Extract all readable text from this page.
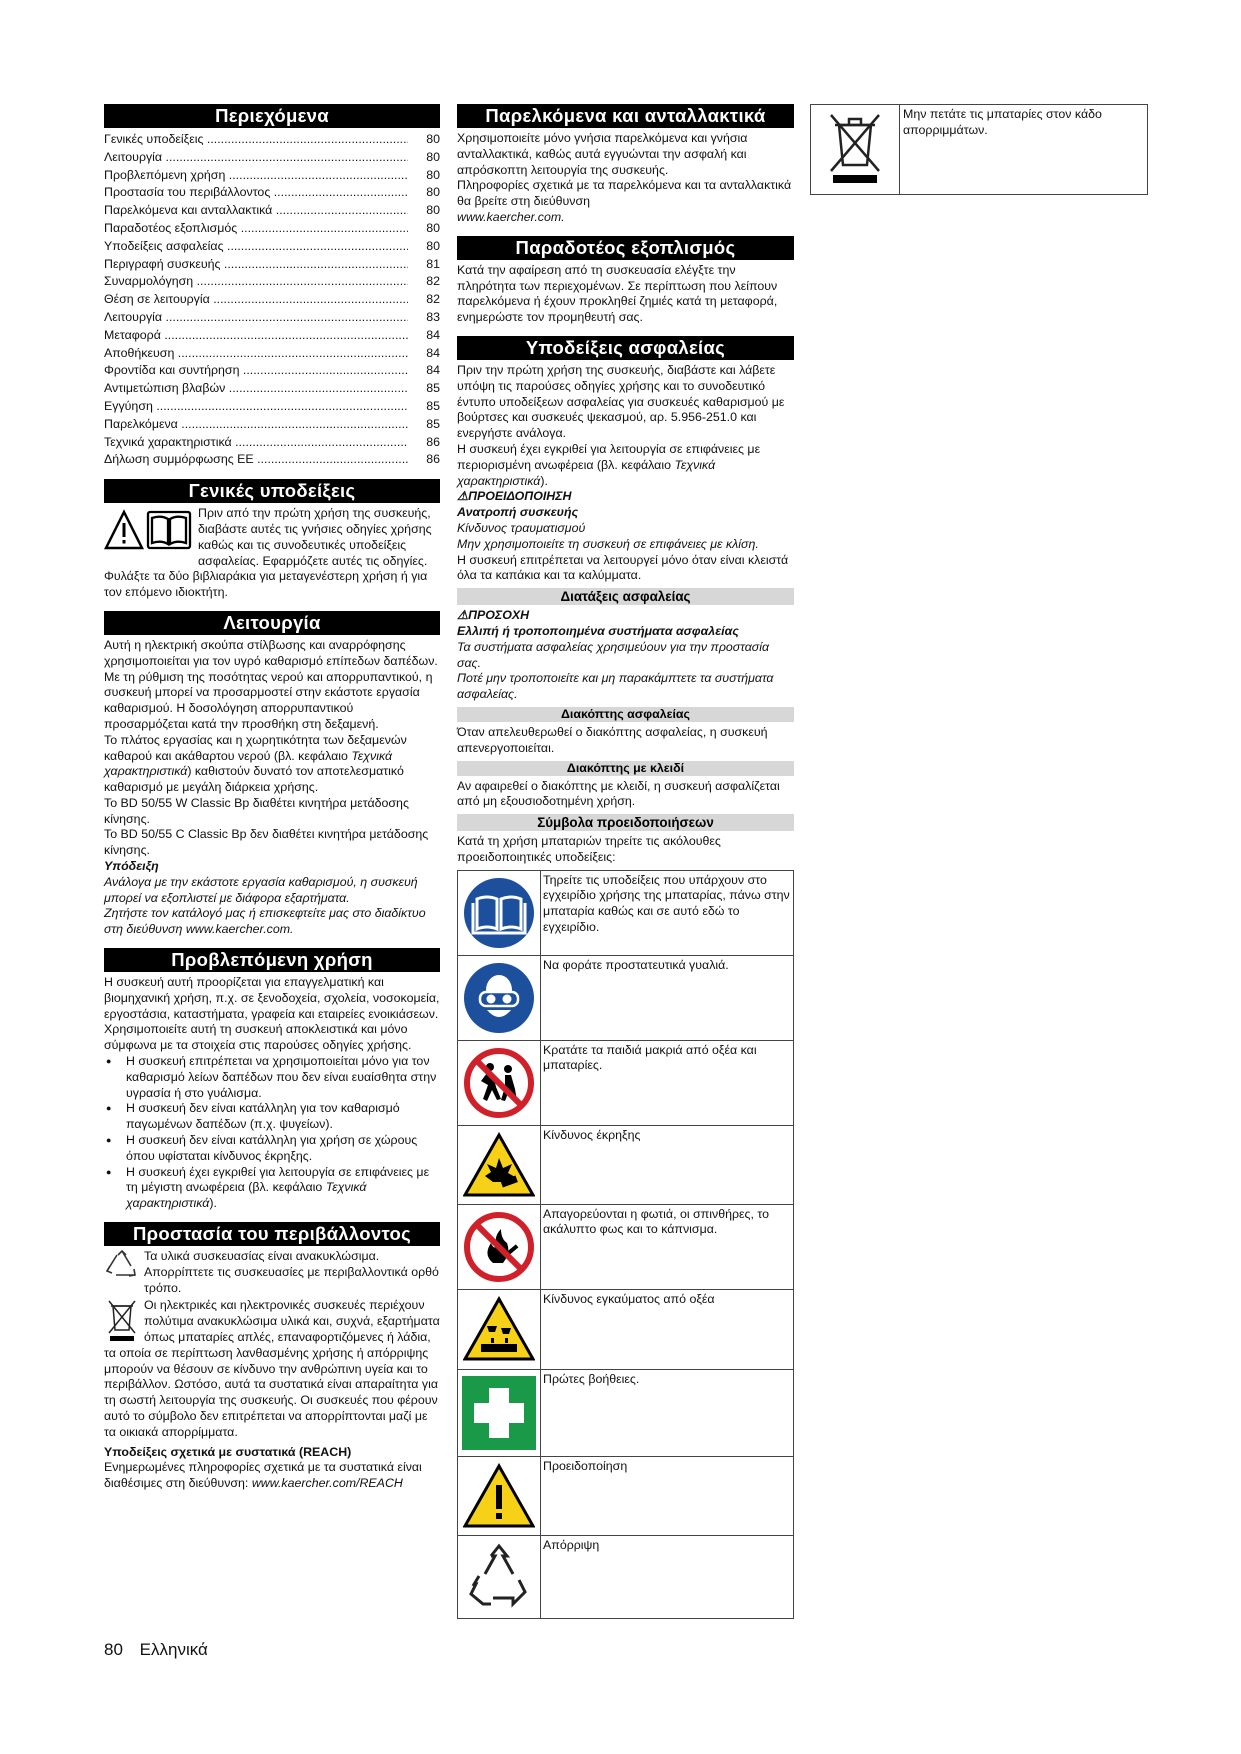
Περιεχόμενα
Γενικές υποδείξεις .....	80
Λειτουργία .....	80
Προβλεπόμενη χρήση .....	80
Προστασία του περιβάλλοντος .....	80
Παρελκόμενα και ανταλλακτικά .....	80
Παραδοτέος εξοπλισμός .....	80
Υποδείξεις ασφαλείας .....	80
Περιγραφή συσκευής .....	81
Συναρμολόγηση .....	82
Θέση σε λειτουργία .....	82
Λειτουργία .....	83
Μεταφορά .....	84
Αποθήκευση .....	84
Φροντίδα και συντήρηση .....	84
Αντιμετώπιση βλαβών .....	85
Εγγύηση .....	85
Παρελκόμενα .....	85
Τεχνικά χαρακτηριστικά .....	86
Δήλωση συμμόρφωσης ΕΕ .....	86
Γενικές υποδείξεις

Πριν από την πρώτη χρήση της συσκευής, διαβάστε αυτές τις γνήσιες οδηγίες χρήσης καθώς και τις συνοδευτικές υποδείξεις ασφαλείας. Εφαρμόζετε αυτές τις οδηγίες.

Φυλάξτε τα δύο βιβλιαράκια για μεταγενέστερη χρήση ή για τον επόμενο ιδιοκτήτη.

Λειτουργία

Αυτή η ηλεκτρική σκούπα στίλβωσης και αναρρόφησης χρησιμοποιείται για τον υγρό καθαρισμό επίπεδων δαπέδων.

Με τη ρύθμιση της ποσότητας νερού και απορρυπαντικού, η συσκευή μπορεί να προσαρμοστεί στην εκάστοτε εργασία καθαρισμού. Η δοσολόγηση απορρυπαντικού προσαρμόζεται κατά την προσθήκη στη δεξαμενή.

Το πλάτος εργασίας και η χωρητικότητα των δεξαμενών καθαρού και ακάθαρτου νερού (βλ. κεφάλαιο Τεχνικά χαρακτηριστικά) καθιστούν δυνατό τον αποτελεσματικό καθαρισμό με μεγάλη διάρκεια χρήσης.

Το BD 50/55 W Classic Bp διαθέτει κινητήρα μετάδοσης κίνησης.

Το BD 50/55 C Classic Bp δεν διαθέτει κινητήρα μετάδοσης κίνησης.

Υπόδειξη

Ανάλογα με την εκάστοτε εργασία καθαρισμού, η συσκευή μπορεί να εξοπλιστεί με διάφορα εξαρτήματα.

Ζητήστε τον κατάλογό μας ή επισκεφτείτε μας στο διαδίκτυο στη διεύθυνση www.kaercher.com.

Προβλεπόμενη χρήση

Η συσκευή αυτή προορίζεται για επαγγελματική και βιομηχανική χρήση, π.χ. σε ξενοδοχεία, σχολεία, νοσοκομεία, εργοστάσια, καταστήματα, γραφεία και εταιρείες ενοικιάσεων. Χρησιμοποιείτε αυτή τη συσκευή αποκλειστικά και μόνο σύμφωνα με τα στοιχεία στις παρούσες οδηγίες χρήσης.

● Η συσκευή επιτρέπεται να χρησιμοποιείται μόνο για τον καθαρισμό λείων δαπέδων που δεν είναι ευαίσθητα στην υγρασία ή στο γυάλισμα.
● Η συσκευή δεν είναι κατάλληλη για τον καθαρισμό παγωμένων δαπέδων (π.χ. ψυγείων).
● Η συσκευή δεν είναι κατάλληλη για χρήση σε χώρους όπου υφίσταται κίνδυνος έκρηξης.
● Η συσκευή έχει εγκριθεί για λειτουργία σε επιφάνειες με τη μέγιστη ανωφέρεια (βλ. κεφάλαιο Τεχνικά χαρακτηριστικά).
Προστασία του περιβάλλοντος

Τα υλικά συσκευασίας είναι ανακυκλώσιμα. Απορρίπτετε τις συσκευασίες με περιβαλλοντικά ορθό τρόπο.

Οι ηλεκτρικές και ηλεκτρονικές συσκευές περιέχουν πολύτιμα ανακυκλώσιμα υλικά και, συχνά, εξαρτήματα όπως μπαταρίες απλές, επαναφορτιζόμενες ή λάδια, τα οποία σε περίπτωση λανθασμένης χρήσης ή απόρριψης μπορούν να θέσουν σε κίνδυνο την ανθρώπινη υγεία και το περιβάλλον. Ωστόσο, αυτά τα συστατικά είναι απαραίτητα για τη σωστή λειτουργία της συσκευής. Οι συσκευές που φέρουν αυτό το σύμβολο δεν επιτρέπεται να απορρίπτονται μαζί με τα οικιακά απορρίμματα.

Υποδείξεις σχετικά με συστατικά (REACH)

Ενημερωμένες πληροφορίες σχετικά με τα συστατικά είναι διαθέσιμες στη διεύθυνση: www.kaercher.com/REACH

Παρελκόμενα και ανταλλακτικά

Χρησιμοποιείτε μόνο γνήσια παρελκόμενα και γνήσια ανταλλακτικά, καθώς αυτά εγγυώνται την ασφαλή και απρόσκοπτη λειτουργία της συσκευής.

Πληροφορίες σχετικά με τα παρελκόμενα και τα ανταλλακτικά θα βρείτε στη διεύθυνση

www.kaercher.com.

Παραδοτέος εξοπλισμός

Κατά την αφαίρεση από τη συσκευασία ελέγξτε την πληρότητα των περιεχομένων. Σε περίπτωση που λείπουν παρελκόμενα ή έχουν προκληθεί ζημιές κατά τη μεταφορά, ενημερώστε τον προμηθευτή σας.

Υποδείξεις ασφαλείας

Πριν την πρώτη χρήση της συσκευής, διαβάστε και λάβετε υπόψη τις παρούσες οδηγίες χρήσης και το συνοδευτικό έντυπο υποδείξεων ασφαλείας για συσκευές καθαρισμού με βούρτσες και συσκευές ψεκασμού, αρ. 5.956-251.0 και ενεργήστε ανάλογα.

Η συσκευή έχει εγκριθεί για λειτουργία σε επιφάνειες με περιορισμένη ανωφέρεια (βλ. κεφάλαιο Τεχνικά χαρακτηριστικά).

⚠ΠΡΟΕΙΔΟΠΟΙΗΣΗ

Ανατροπή συσκευής

Κίνδυνος τραυματισμού

Μην χρησιμοποιείτε τη συσκευή σε επιφάνειες με κλίση.

Η συσκευή επιτρέπεται να λειτουργεί μόνο όταν είναι κλειστά όλα τα καπάκια και τα καλύμματα.

Διατάξεις ασφαλείας

⚠ΠΡΟΣΟΧΗ

Ελλιπή ή τροποποιημένα συστήματα ασφαλείας

Τα συστήματα ασφαλείας χρησιμεύουν για την προστασία σας.

Ποτέ μην τροποποιείτε και μη παρακάμπτετε τα συστήματα ασφαλείας.

Διακόπτης ασφαλείας

Όταν απελευθερωθεί ο διακόπτης ασφαλείας, η συσκευή απενεργοποιείται.

Διακόπτης με κλειδί

Αν αφαιρεθεί ο διακόπτης με κλειδί, η συσκευή ασφαλίζεται από μη εξουσιοδοτημένη χρήση.

Σύμβολα προειδοποιήσεων

Κατά τη χρήση μπαταριών τηρείτε τις ακόλουθες προειδοποιητικές υποδείξεις:

	Τηρείτε τις υποδείξεις που υπάρχουν στο εγχειρίδιο χρήσης της μπαταρίας, πάνω στην μπαταρία καθώς και σε αυτό εδώ το εγχειρίδιο.

	Να φοράτε προστατευτικά γυαλιά.

	Κρατάτε τα παιδιά μακριά από οξέα και μπαταρίες.

	Κίνδυνος έκρηξης

	Απαγορεύονται η φωτιά, οι σπινθήρες, το ακάλυπτο φως και το κάπνισμα.

	Κίνδυνος εγκαύματος από οξέα

	Πρώτες βοήθειες.

	Προειδοποίηση

	Απόρριψη
	Μην πετάτε τις μπαταρίες στον κάδο απορριμμάτων.
80 Ελληνικά
